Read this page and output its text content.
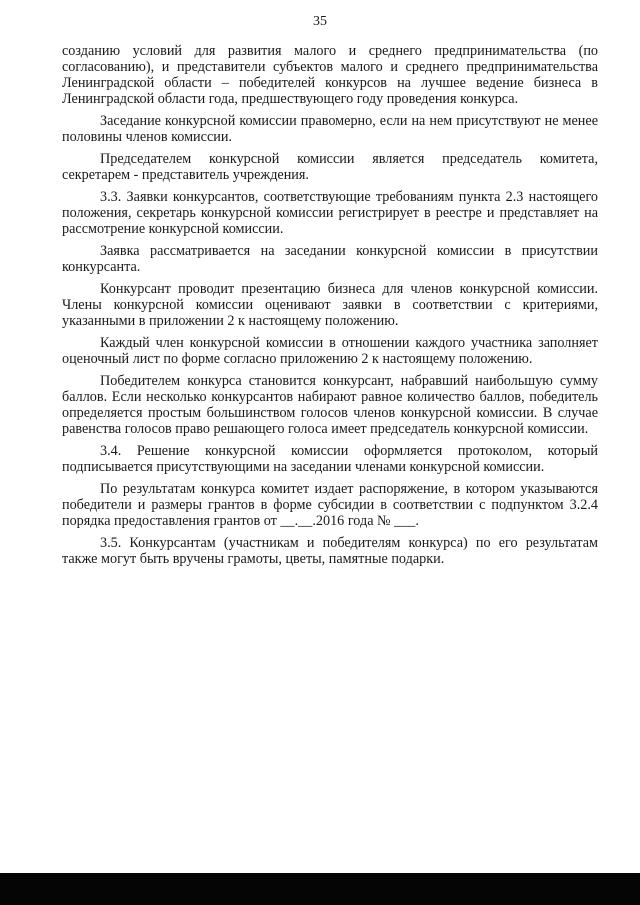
35

созданию условий для развития малого и среднего предпринимательства (по согласованию), и представители субъектов малого и среднего предпринимательства Ленинградской области – победителей конкурсов на лучшее ведение бизнеса в Ленинградской области года, предшествующего году проведения конкурса.

Заседание конкурсной комиссии правомерно, если на нем присутствуют не менее половины членов комиссии.

Председателем конкурсной комиссии является председатель комитета, секретарем - представитель учреждения.

3.3. Заявки конкурсантов, соответствующие требованиям пункта 2.3 настоящего положения, секретарь конкурсной комиссии регистрирует в реестре и представляет на рассмотрение конкурсной комиссии.

Заявка рассматривается на заседании конкурсной комиссии в присутствии конкурсанта.

Конкурсант проводит презентацию бизнеса для членов конкурсной комиссии. Члены конкурсной комиссии оценивают заявки в соответствии с критериями, указанными в приложении 2 к настоящему положению.

Каждый член конкурсной комиссии в отношении каждого участника заполняет оценочный лист по форме согласно приложению 2 к настоящему положению.

Победителем конкурса становится конкурсант, набравший наибольшую сумму баллов. Если несколько конкурсантов набирают равное количество баллов, победитель определяется простым большинством голосов членов конкурсной комиссии. В случае равенства голосов право решающего голоса имеет председатель конкурсной комиссии.

3.4. Решение конкурсной комиссии оформляется протоколом, который подписывается присутствующими на заседании членами конкурсной комиссии.

По результатам конкурса комитет издает распоряжение, в котором указываются победители и размеры грантов в форме субсидии в соответствии с подпунктом 3.2.4 порядка предоставления грантов от __.__.2016 года № ___.

3.5. Конкурсантам (участникам и победителям конкурса) по его результатам также могут быть вручены грамоты, цветы, памятные подарки.
